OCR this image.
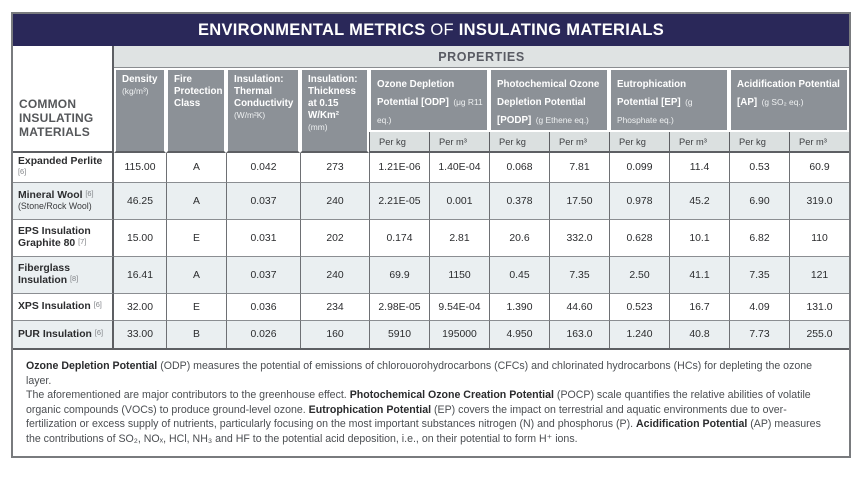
ENVIRONMENTAL METRICS OF INSULATING MATERIALS
COMMON INSULATING MATERIALS
PROPERTIES
Density
(kg/m³)
Fire Protection Class
Insulation: Thermal Conductivity
(W/m²K)
Insulation: Thickness at 0.15 W/Km²
(mm)
Ozone Depletion Potential [ODP] (μg R11 eq.)
Photochemical Ozone Depletion Potential [PODP] (g Ethene eq.)
Eutrophication Potential [EP] (g Phosphate eq.)
Acidification Potential [AP] (g SO₂ eq.)
Per kg	Per m³	Per kg	Per m³	Per kg	Per m³	Per kg	Per m³
Expanded Perlite [6]	115.00	A	0.042	273	1.21E-06	1.40E-04	0.068	7.81	0.099	11.4	0.53	60.9
Mineral Wool [6]
(Stone/Rock Wool)	46.25	A	0.037	240	2.21E-05	0.001	0.378	17.50	0.978	45.2	6.90	319.0
EPS Insulation Graphite 80 [7]	15.00	E	0.031	202	0.174	2.81	20.6	332.0	0.628	10.1	6.82	110
Fiberglass Insulation [8]	16.41	A	0.037	240	69.9	1150	0.45	7.35	2.50	41.1	7.35	121
XPS Insulation [6]	32.00	E	0.036	234	2.98E-05	9.54E-04	1.390	44.60	0.523	16.7	4.09	131.0
PUR Insulation [6]	33.00	B	0.026	160	5910	195000	4.950	163.0	1.240	40.8	7.73	255.0

Ozone Depletion Potential (ODP) measures the potential of emissions of chlorouorohydrocarbons (CFCs) and chlorinated hydrocarbons (HCs) for depleting the ozone layer.

The aforementioned are major contributors to the greenhouse effect. Photochemical Ozone Creation Potential (POCP) scale quantifies the relative abilities of volatile organic compounds (VOCs) to produce ground-level ozone. Eutrophication Potential (EP) covers the impact on terrestrial and aquatic environments due to over-fertilization or excess supply of nutrients, particularly focusing on the most important substances nitrogen (N) and phosphorus (P). Acidification Potential (AP) measures the contributions of SO₂, NOₓ, HCl, NH₃ and HF to the potential acid deposition, i.e., on their potential to form H⁺ ions.
